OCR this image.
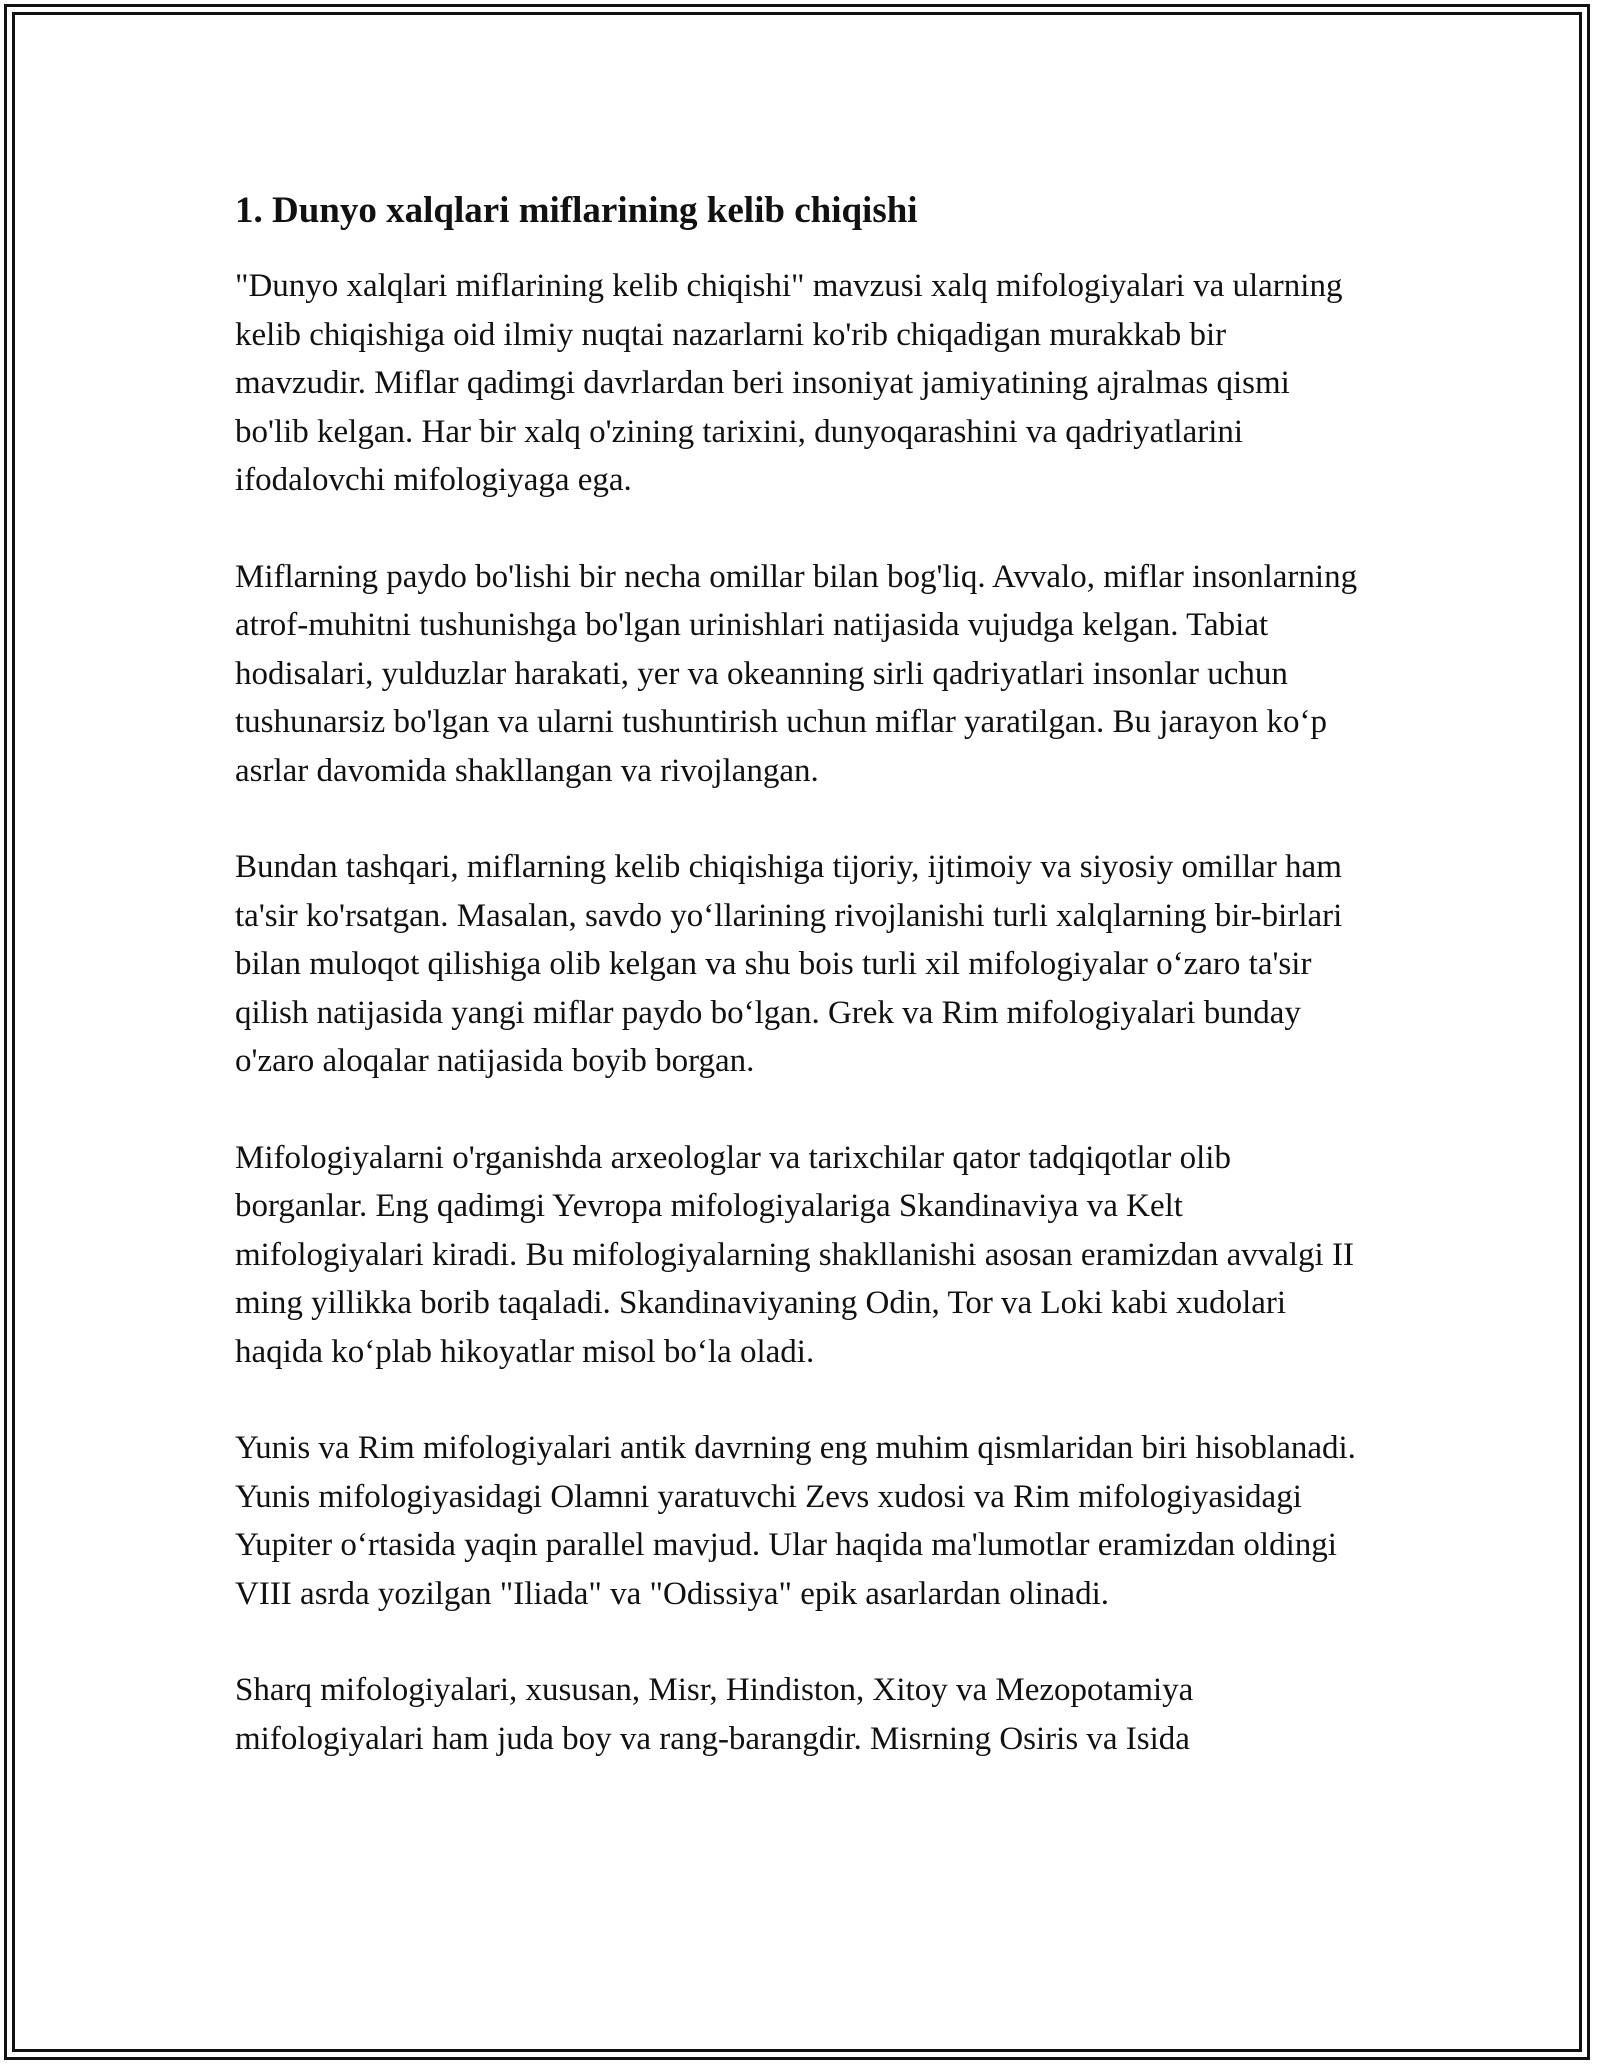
1. Dunyo xalqlari miflarining kelib chiqishi

"Dunyo xalqlari miflarining kelib chiqishi" mavzusi xalq mifologiyalari va ularning kelib chiqishiga oid ilmiy nuqtai nazarlarni ko'rib chiqadigan murakkab bir mavzudir. Miflar qadimgi davrlardan beri insoniyat jamiyatining ajralmas qismi bo'lib kelgan. Har bir xalq o'zining tarixini, dunyoqarashini va qadriyatlarini ifodalovchi mifologiyaga ega.

Miflarning paydo bo'lishi bir necha omillar bilan bog'liq. Avvalo, miflar insonlarning atrof-muhitni tushunishga bo'lgan urinishlari natijasida vujudga kelgan. Tabiat hodisalari, yulduzlar harakati, yer va okeanning sirli qadriyatlari insonlar uchun tushunarsiz bo'lgan va ularni tushuntirish uchun miflar yaratilgan. Bu jarayon ko‘p asrlar davomida shakllangan va rivojlangan.

Bundan tashqari, miflarning kelib chiqishiga tijoriy, ijtimoiy va siyosiy omillar ham ta'sir ko'rsatgan. Masalan, savdo yo‘llarining rivojlanishi turli xalqlarning bir-birlari bilan muloqot qilishiga olib kelgan va shu bois turli xil mifologiyalar o‘zaro ta'sir qilish natijasida yangi miflar paydo bo‘lgan. Grek va Rim mifologiyalari bunday o'zaro aloqalar natijasida boyib borgan.

Mifologiyalarni o'rganishda arxeologlar va tarixchilar qator tadqiqotlar olib borganlar. Eng qadimgi Yevropa mifologiyalariga Skandinaviya va Kelt mifologiyalari kiradi. Bu mifologiyalarning shakllanishi asosan eramizdan avvalgi II ming yillikka borib taqaladi. Skandinaviyaning Odin, Tor va Loki kabi xudolari haqida ko‘plab hikoyatlar misol bo‘la oladi.

Yunis va Rim mifologiyalari antik davrning eng muhim qismlaridan biri hisoblanadi. Yunis mifologiyasidagi Olamni yaratuvchi Zevs xudosi va Rim mifologiyasidagi Yupiter o‘rtasida yaqin parallel mavjud. Ular haqida ma'lumotlar eramizdan oldingi VIII asrda yozilgan "Iliada" va "Odissiya" epik asarlardan olinadi.

Sharq mifologiyalari, xususan, Misr, Hindiston, Xitoy va Mezopotamiya mifologiyalari ham juda boy va rang-barangdir. Misrning Osiris va Isida
